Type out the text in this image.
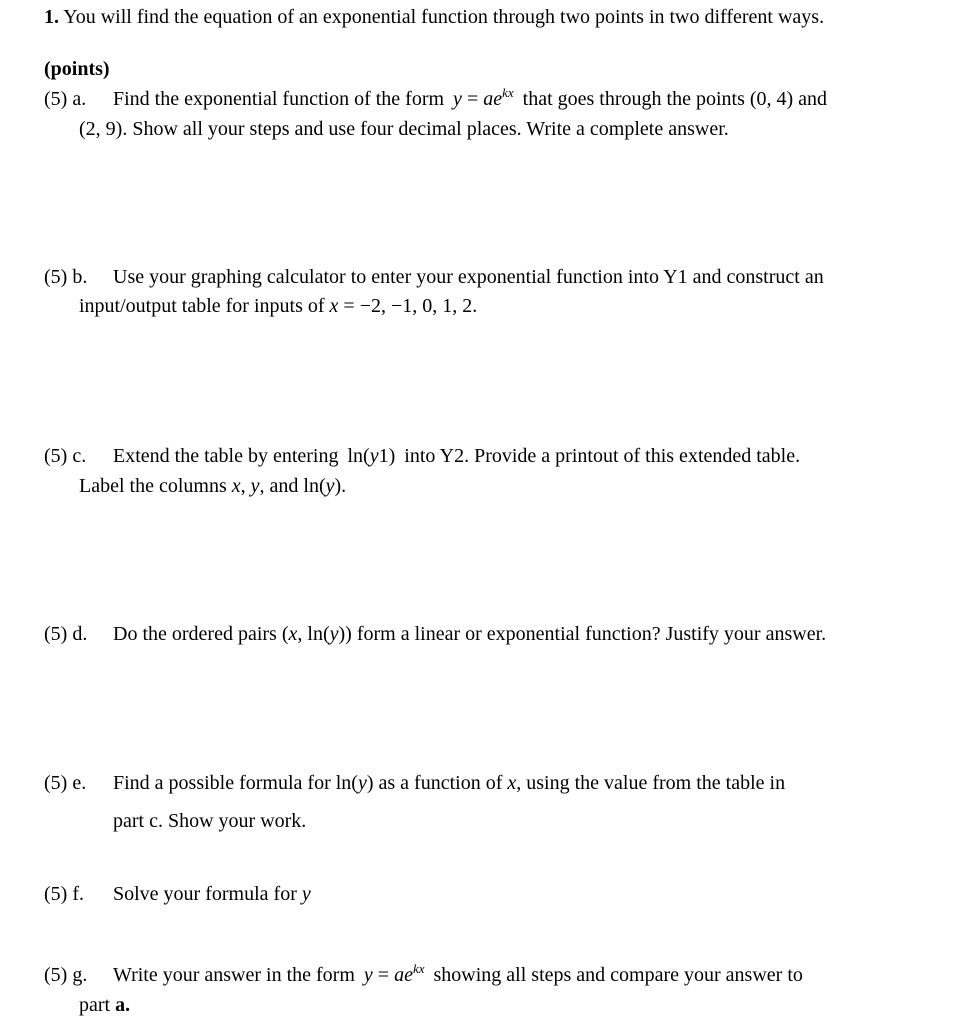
1. You will find the equation of an exponential function through two points in two different ways.
(points)
(5) a. Find the exponential function of the form $y = ae^{kx}$ that goes through the points (0, 4) and
(2, 9). Show all your steps and use four decimal places. Write a complete answer.
(5) b. Use your graphing calculator to enter your exponential function into Y1 and construct an
input/output table for inputs of x = −2, −1, 0, 1, 2.
(5) c. Extend the table by entering ln(y1) into Y2. Provide a printout of this extended table.
Label the columns x, y, and ln(y).
(5) d. Do the ordered pairs (x, ln(y)) form a linear or exponential function? Justify your answer.
(5) e. Find a possible formula for ln(y) as a function of x, using the value from the table in
part c. Show your work.
(5) f. Solve your formula for y
(5) g. Write your answer in the form $y = ae^{kx}$ showing all steps and compare your answer to
part a.
